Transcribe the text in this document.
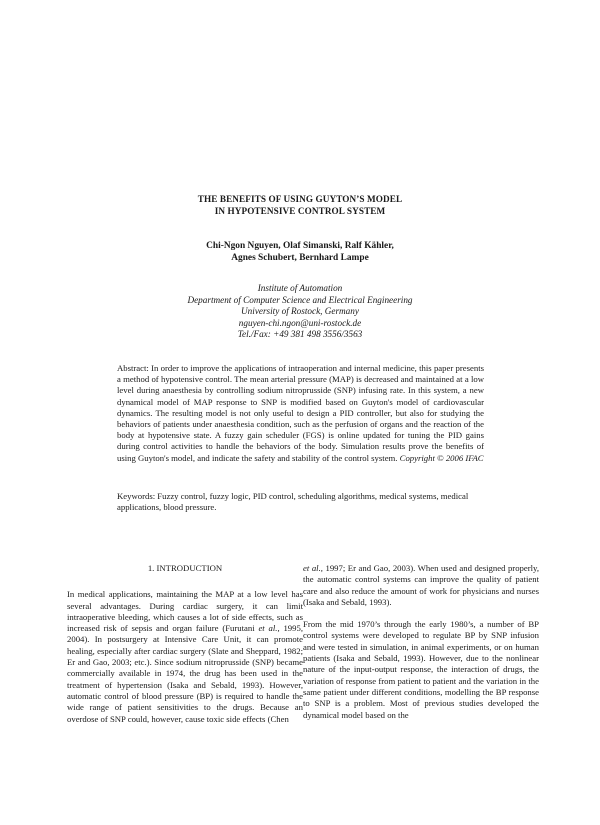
THE BENEFITS OF USING GUYTON’S MODEL
IN HYPOTENSIVE CONTROL SYSTEM
Chi-Ngon Nguyen, Olaf Simanski, Ralf Kähler,
Agnes Schubert, Bernhard Lampe
Institute of Automation
Department of Computer Science and Electrical Engineering
University of Rostock, Germany
nguyen-chi.ngon@uni-rostock.de
Tel./Fax: +49 381 498 3556/3563

Abstract: In order to improve the applications of intraoperation and internal medicine, this paper presents a method of hypotensive control. The mean arterial pressure (MAP) is decreased and maintained at a low level during anaesthesia by controlling sodium nitroprusside (SNP) infusing rate. In this system, a new dynamical model of MAP response to SNP is modified based on Guyton's model of cardiovascular dynamics. The resulting model is not only useful to design a PID controller, but also for studying the behaviors of patients under anaesthesia condition, such as the perfusion of organs and the reaction of the body at hypotensive state. A fuzzy gain scheduler (FGS) is online updated for tuning the PID gains during control activities to handle the behaviors of the body. Simulation results prove the benefits of using Guyton's model, and indicate the safety and stability of the control system. Copyright © 2006 IFAC

Keywords: Fuzzy control, fuzzy logic, PID control, scheduling algorithms, medical systems, medical applications, blood pressure.

1. INTRODUCTION

In medical applications, maintaining the MAP at a low level has several advantages. During cardiac surgery, it can limit intraoperative bleeding, which causes a lot of side effects, such as increased risk of sepsis and organ failure (Furutani et al., 1995, 2004). In postsurgery at Intensive Care Unit, it can promote healing, especially after cardiac surgery (Slate and Sheppard, 1982; Er and Gao, 2003; etc.). Since sodium nitroprusside (SNP) became commercially available in 1974, the drug has been used in the treatment of hypertension (Isaka and Sebald, 1993). However, automatic control of blood pressure (BP) is required to handle the wide range of patient sensitivities to the drugs. Because an overdose of SNP could, however, cause toxic side effects (Chen

et al., 1997; Er and Gao, 2003). When used and designed properly, the automatic control systems can improve the quality of patient care and also reduce the amount of work for physicians and nurses (Isaka and Sebald, 1993).

From the mid 1970’s through the early 1980’s, a number of BP control systems were developed to regulate BP by SNP infusion and were tested in simulation, in animal experiments, or on human patients (Isaka and Sebald, 1993). However, due to the nonlinear nature of the input-output response, the interaction of drugs, the variation of response from patient to patient and the variation in the same patient under different conditions, modelling the BP response to SNP is a problem. Most of previous studies developed the dynamical model based on the
